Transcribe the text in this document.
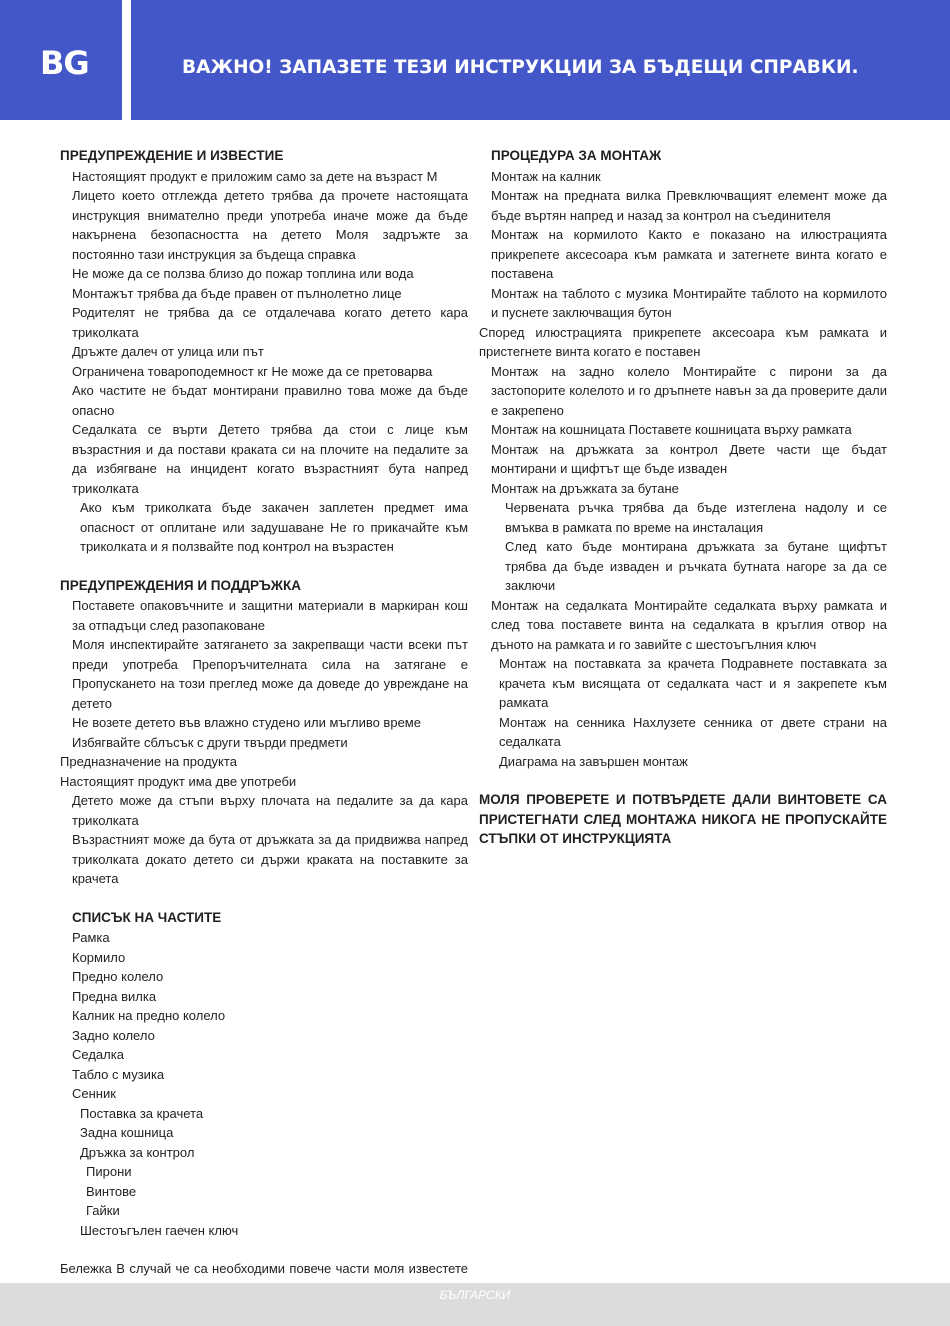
BG	ВАЖНО! ЗАПАЗЕТЕ ТЕЗИ ИНСТРУКЦИИ ЗА БЪДЕЩИ СПРАВКИ.
ПРЕДУПРЕЖДЕНИЕ И ИЗВЕСТИЕ
Настоящият продукт е приложим само за дете на възраст М
Лицето което отглежда детето трябва да прочете настоящата инструкция внимателно преди употреба иначе може да бъде накърнена безопасността на детето Моля задръжте за постоянно тази инструкция за бъдеща справка
Не може да се ползва близо до пожар топлина или вода
Монтажът трябва да бъде правен от пълнолетно лице
Родителят не трябва да се отдалечава когато детето кара триколката
Дръжте далеч от улица или път
Ограничена товароподемност кг Не може да се претоварва
Ако частите не бъдат монтирани правилно това може да бъде опасно
Седалката се върти Детето трябва да стои с лице към възрастния и да постави краката си на плочите на педалите за да избягване на инцидент когато възрастният бута напред триколката
Ако към триколката бъде закачен заплетен предмет има опасност от оплитане или задушаване Не го прикачайте към триколката и я ползвайте под контрол на възрастен
ПРЕДУПРЕЖДЕНИЯ И ПОДДРЪЖКА
Поставете опаковъчните и защитни материали в маркиран кош за отпадъци след разопаковане
Моля инспектирайте затягането за закрепващи части всеки път преди употреба Препоръчителната сила на затягане е Пропускането на този преглед може да доведе до увреждане на детето
Не возете детето във влажно студено или мъгливо време
Избягвайте сблъсък с други твърди предмети
Предназначение на продукта
Настоящият продукт има две употреби
Детето може да стъпи върху плочата на педалите за да кара триколката
Възрастният може да бута от дръжката за да придвижва напред триколката докато детето си държи краката на поставките за крачета
СПИСЪК НА ЧАСТИТЕ
Рамка
Кормило
Предно колело
Предна вилка
Калник на предно колело
Задно колело
Седалка
Табло с музика
Сенник
Поставка за крачета
Задна кошница
Дръжка за контрол
Пирони
Винтове
Гайки
Шестоъгълен гаечен ключ
Бележка В случай че са необходими повече части моля известете
ПРОЦЕДУРА ЗА МОНТАЖ
Монтаж на калник
Монтаж на предната вилка Превключващият елемент може да бъде въртян напред и назад за контрол на съединителя
Монтаж на кормилото Както е показано на илюстрацията прикрепете аксесоара към рамката и затегнете винта когато е поставена
Монтаж на таблото с музика Монтирайте таблото на кормилото и пуснете заключващия бутон
Според илюстрацията прикрепете аксесоара към рамката и пристегнете винта когато е поставен
Монтаж на задно колело Монтирайте с пирони за да застопорите колелото и го дръпнете навън за да проверите дали е закрепено
Монтаж на кошницата Поставете кошницата върху рамката
Монтаж на дръжката за контрол Двете части ще бъдат монтирани и щифтът ще бъде изваден
Монтаж на дръжката за бутане
Червената ръчка трябва да бъде изтеглена надолу и се вмъква в рамката по време на инсталация
След като бъде монтирана дръжката за бутане щифтът трябва да бъде изваден и ръчката бутната нагоре за да се заключи
Монтаж на седалката Монтирайте седалката върху рамката и след това поставете винта на седалката в кръглия отвор на дъното на рамката и го завийте с шестоъгълния ключ
Монтаж на поставката за крачета Подравнете поставката за крачета към висящата от седалката част и я закрепете към рамката
Монтаж на сенника Нахлузете сенника от двете страни на седалката
Диаграма на завършен монтаж
МОЛЯ ПРОВЕРЕТЕ И ПОТВЪРДЕТЕ ДАЛИ ВИНТОВЕТЕ СА ПРИСТЕГНАТИ СЛЕД МОНТАЖА НИКОГА НЕ ПРОПУСКАЙТЕ СТЪПКИ ОТ ИНСТРУКЦИЯТА
БЪЛГАРСКИ
